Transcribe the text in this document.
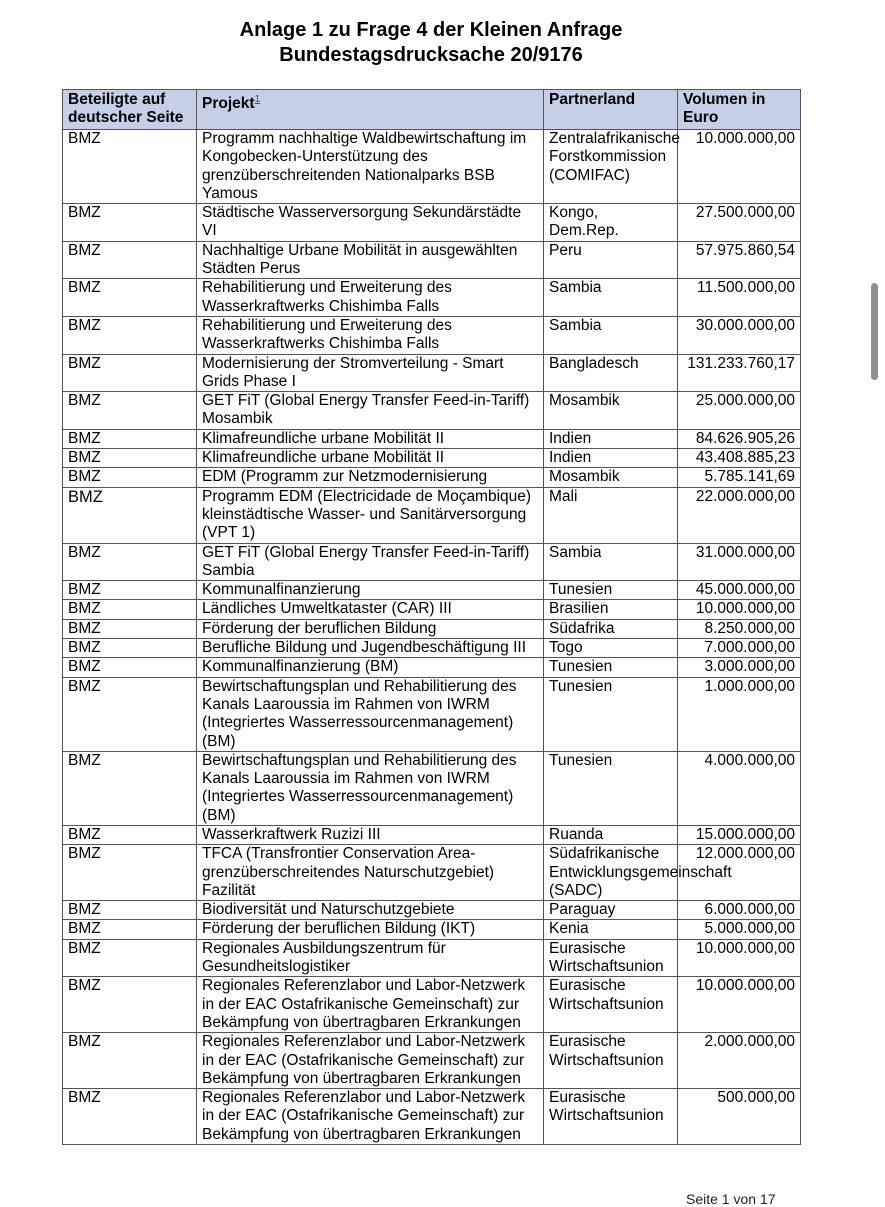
Anlage 1 zu Frage 4 der Kleinen Anfrage
Bundestagsdrucksache 20/9176
Beteiligte auf deutscher Seite	Projekt$^1$	Partnerland	Volumen in Euro
BMZ	Programm nachhaltige Waldbewirtschaftung im Kongobecken-Unterstützung des grenzüberschreitenden Nationalparks BSB Yamous	Zentralafrikanische Forstkommission (COMIFAC)	10.000.000,00
BMZ	Städtische Wasserversorgung Sekundärstädte VI	Kongo, Dem.Rep.	27.500.000,00
BMZ	Nachhaltige Urbane Mobilität in ausgewählten Städten Perus	Peru	57.975.860,54
BMZ	Rehabilitierung und Erweiterung des Wasserkraftwerks Chishimba Falls	Sambia	11.500.000,00
BMZ	Rehabilitierung und Erweiterung des Wasserkraftwerks Chishimba Falls	Sambia	30.000.000,00
BMZ	Modernisierung der Stromverteilung - Smart Grids Phase I	Bangladesch	131.233.760,17
BMZ	GET FiT (Global Energy Transfer Feed-in-Tariff) Mosambik	Mosambik	25.000.000,00
BMZ	Klimafreundliche urbane Mobilität II	Indien	84.626.905,26
BMZ	Klimafreundliche urbane Mobilität II	Indien	43.408.885,23
BMZ	EDM (Programm zur Netzmodernisierung	Mosambik	5.785.141,69
BMZ	Programm EDM (Electricidade de Moçambique) kleinstädtische Wasser- und Sanitärversorgung (VPT 1)	Mali	22.000.000,00
BMZ	GET FiT (Global Energy Transfer Feed-in-Tariff) Sambia	Sambia	31.000.000,00
BMZ	Kommunalfinanzierung	Tunesien	45.000.000,00
BMZ	Ländliches Umweltkataster (CAR) III	Brasilien	10.000.000,00
BMZ	Förderung der beruflichen Bildung	Südafrika	8.250.000,00
BMZ	Berufliche Bildung und Jugendbeschäftigung III	Togo	7.000.000,00
BMZ	Kommunalfinanzierung (BM)	Tunesien	3.000.000,00
BMZ	Bewirtschaftungsplan und Rehabilitierung des Kanals Laaroussia im Rahmen von IWRM (Integriertes Wasserressourcenmanagement) (BM)	Tunesien	1.000.000,00
BMZ	Bewirtschaftungsplan und Rehabilitierung des Kanals Laaroussia im Rahmen von IWRM (Integriertes Wasserressourcenmanagement) (BM)	Tunesien	4.000.000,00
BMZ	Wasserkraftwerk Ruzizi III	Ruanda	15.000.000,00
BMZ	TFCA (Transfrontier Conservation Area-grenzüberschreitendes Naturschutzgebiet) Fazilität	Südafrikanische Entwicklungsgemeinschaft (SADC)	12.000.000,00
BMZ	Biodiversität und Naturschutzgebiete	Paraguay	6.000.000,00
BMZ	Förderung der beruflichen Bildung (IKT)	Kenia	5.000.000,00
BMZ	Regionales Ausbildungszentrum für Gesundheitslogistiker	Eurasische Wirtschaftsunion	10.000.000,00
BMZ	Regionales Referenzlabor und Labor-Netzwerk in der EAC Ostafrikanische Gemeinschaft) zur Bekämpfung von übertragbaren Erkrankungen	Eurasische Wirtschaftsunion	10.000.000,00
BMZ	Regionales Referenzlabor und Labor-Netzwerk in der EAC (Ostafrikanische Gemeinschaft) zur Bekämpfung von übertragbaren Erkrankungen	Eurasische Wirtschaftsunion	2.000.000,00
BMZ	Regionales Referenzlabor und Labor-Netzwerk in der EAC (Ostafrikanische Gemeinschaft) zur Bekämpfung von übertragbaren Erkrankungen	Eurasische Wirtschaftsunion	500.000,00
Seite 1 von 17
